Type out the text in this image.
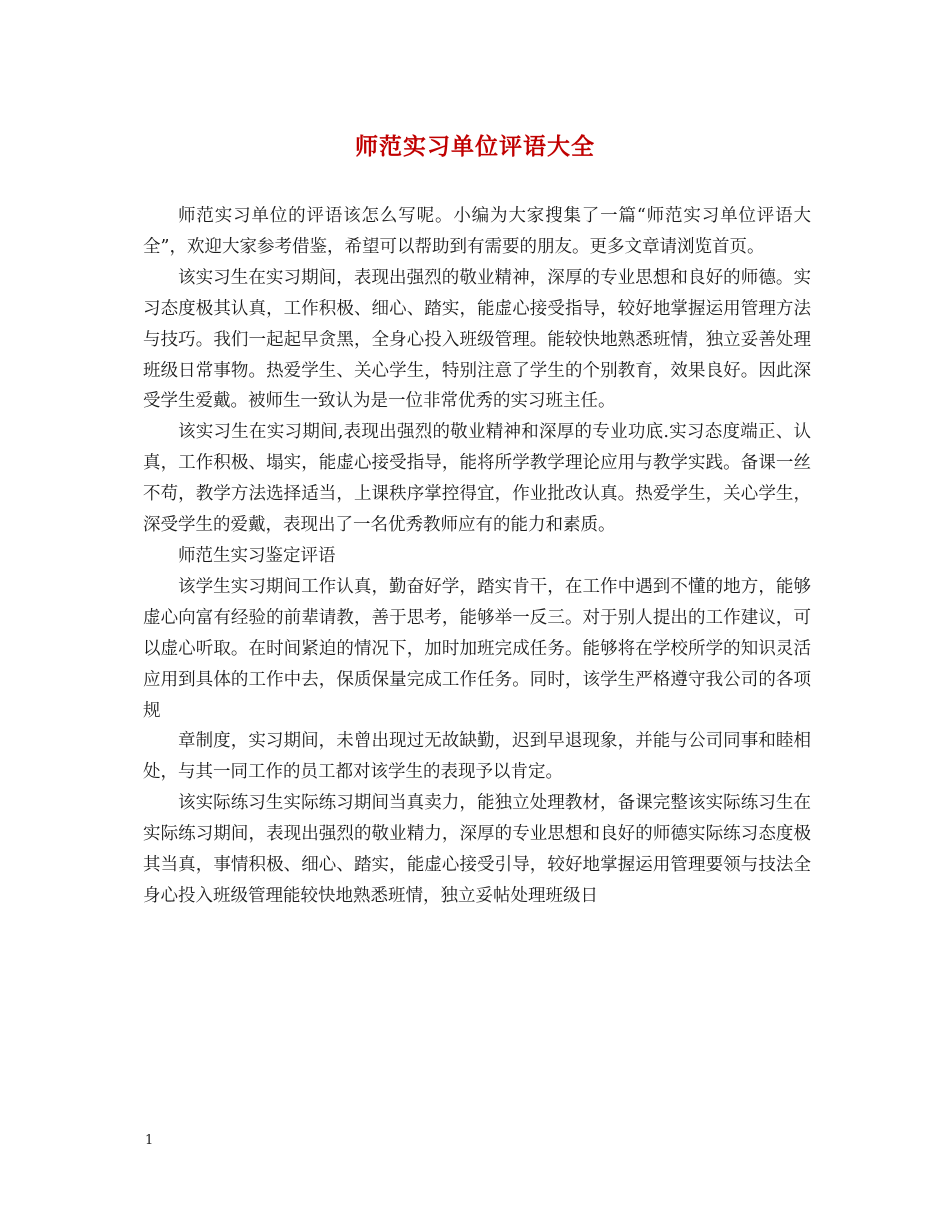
师范实习单位评语大全

师范实习单位的评语该怎么写呢。小编为大家搜集了一篇“师范实习单位评语大全”，欢迎大家参考借鉴，希望可以帮助到有需要的朋友。更多文章请浏览首页。

该实习生在实习期间，表现出强烈的敬业精神，深厚的专业思想和良好的师德。实习态度极其认真，工作积极、细心、踏实，能虚心接受指导，较好地掌握运用管理方法与技巧。我们一起起早贪黑，全身心投入班级管理。能较快地熟悉班情，独立妥善处理班级日常事物。热爱学生、关心学生，特别注意了学生的个别教育，效果良好。因此深受学生爱戴。被师生一致认为是一位非常优秀的实习班主任。

该实习生在实习期间,表现出强烈的敬业精神和深厚的专业功底.实习态度端正、认真，工作积极、塌实，能虚心接受指导，能将所学教学理论应用与教学实践。备课一丝不苟，教学方法选择适当，上课秩序掌控得宜，作业批改认真。热爱学生，关心学生，深受学生的爱戴，表现出了一名优秀教师应有的能力和素质。

师范生实习鉴定评语

该学生实习期间工作认真，勤奋好学，踏实肯干，在工作中遇到不懂的地方，能够虚心向富有经验的前辈请教，善于思考，能够举一反三。对于别人提出的工作建议，可以虚心听取。在时间紧迫的情况下，加时加班完成任务。能够将在学校所学的知识灵活应用到具体的工作中去，保质保量完成工作任务。同时，该学生严格遵守我公司的各项规

章制度，实习期间，未曾出现过无故缺勤，迟到早退现象，并能与公司同事和睦相处，与其一同工作的员工都对该学生的表现予以肯定。

该实际练习生实际练习期间当真卖力，能独立处理教材，备课完整该实际练习生在实际练习期间，表现出强烈的敬业精力，深厚的专业思想和良好的师德实际练习态度极其当真，事情积极、细心、踏实，能虚心接受引导，较好地掌握运用管理要领与技法全身心投入班级管理能较快地熟悉班情，独立妥帖处理班级日

1
